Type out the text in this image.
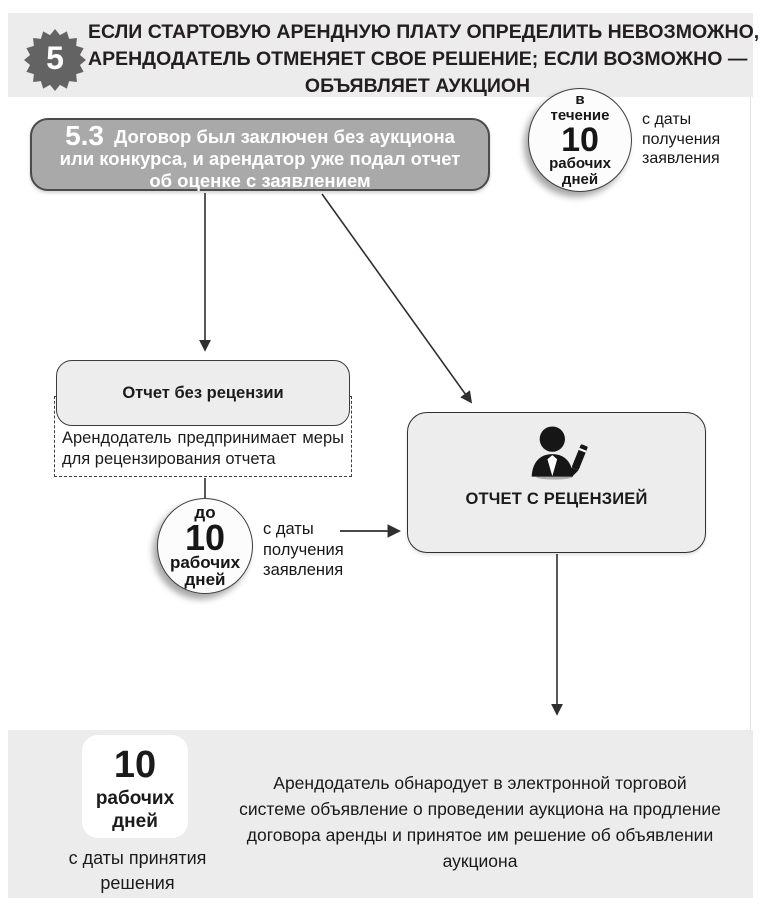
ЕСЛИ СТАРТОВУЮ АРЕНДНУЮ ПЛАТУ ОПРЕДЕЛИТЬ НЕВОЗМОЖНО,
АРЕНДОДАТЕЛЬ ОТМЕНЯЕТ СВОЕ РЕШЕНИЕ; ЕСЛИ ВОЗМОЖНО —
ОБЪЯВЛЯЕТ АУКЦИОН
5
5.3 Договор был заключен без аукциона
или конкурса, и арендатор уже подал отчет
об оценке с заявлением
в течение
10
рабочих дней
с даты получения заявления
Отчет без рецензии
Арендодатель предпринимает меры для рецензирования отчета
до
10
рабочих дней
с даты получения заявления
ОТЧЕТ С РЕЦЕНЗИЕЙ
10
рабочих дней
с даты принятия решения
Арендодатель обнародует в электронной торговой
системе объявление о проведении аукциона на продление
договора аренды и принятое им решение об объявлении
аукциона
